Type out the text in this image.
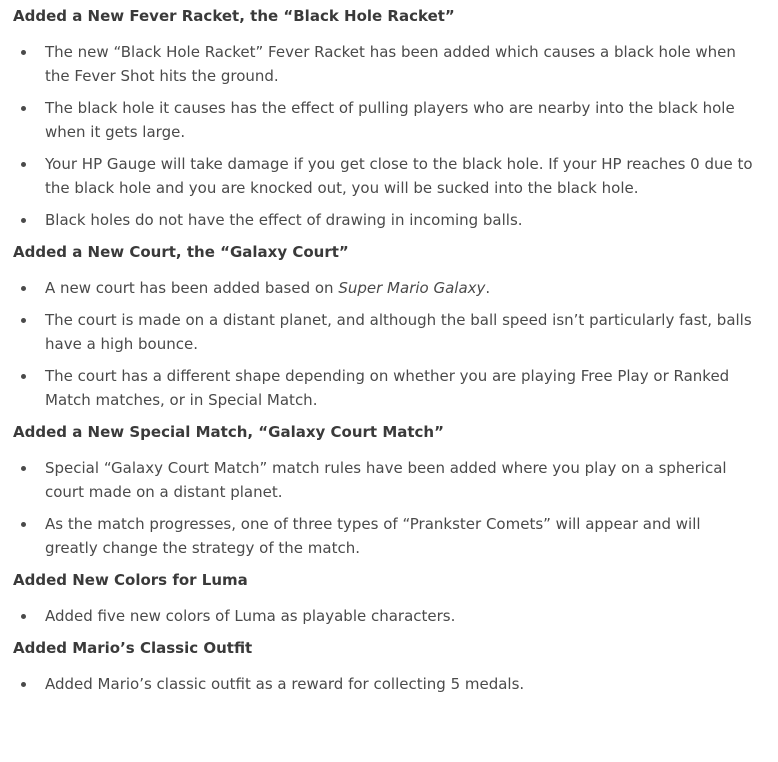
Added a New Fever Racket, the “Black Hole Racket”
The new “Black Hole Racket” Fever Racket has been added which causes a black hole when the Fever Shot hits the ground.
The black hole it causes has the effect of pulling players who are nearby into the black hole when it gets large.
Your HP Gauge will take damage if you get close to the black hole. If your HP reaches 0 due to the black hole and you are knocked out, you will be sucked into the black hole.
Black holes do not have the effect of drawing in incoming balls.
Added a New Court, the “Galaxy Court”
A new court has been added based on Super Mario Galaxy.
The court is made on a distant planet, and although the ball speed isn’t particularly fast, balls have a high bounce.
The court has a different shape depending on whether you are playing Free Play or Ranked Match matches, or in Special Match.
Added a New Special Match, “Galaxy Court Match”
Special “Galaxy Court Match” match rules have been added where you play on a spherical court made on a distant planet.
As the match progresses, one of three types of “Prankster Comets” will appear and will greatly change the strategy of the match.
Added New Colors for Luma
Added five new colors of Luma as playable characters.
Added Mario’s Classic Outfit
Added Mario’s classic outfit as a reward for collecting 5 medals.
